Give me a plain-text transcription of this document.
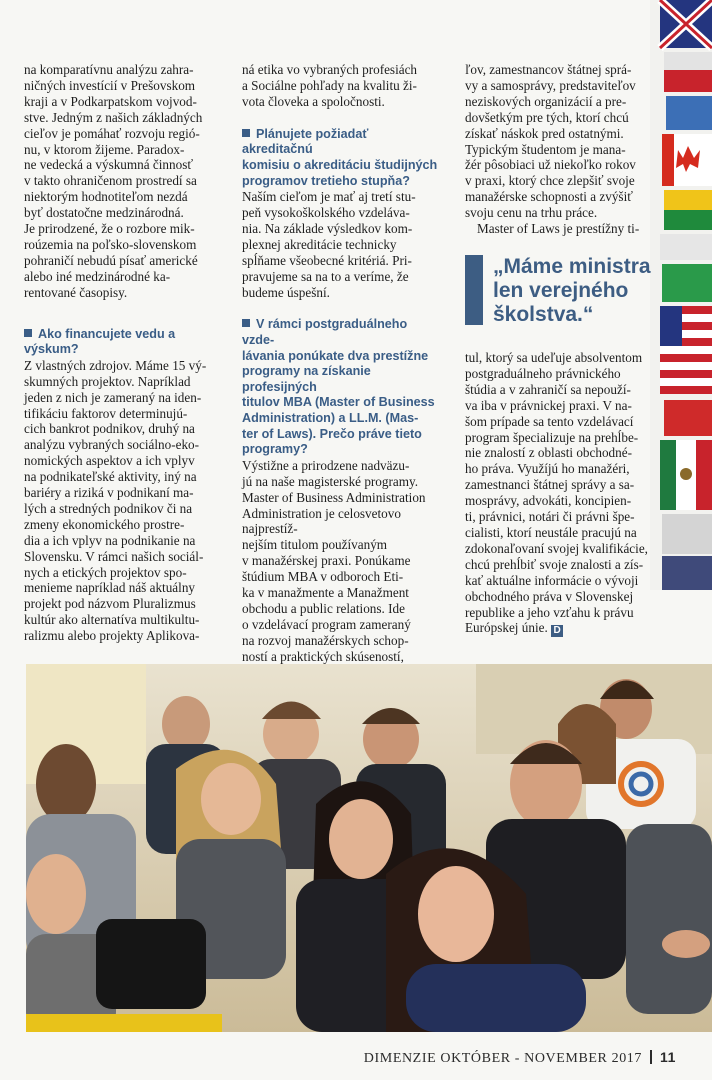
na komparatívnu analýzu zahra-

ničných investícií v Prešovskom

kraji a v Podkarpatskom vojvod-

stve. Jedným z našich základných

cieľov je pomáhať rozvoju regió-

nu, v ktorom žijeme. Paradox-

ne vedecká a výskumná činnosť

v takto ohraničenom prostredí sa

niektorým hodnotiteľom nezdá

byť dostatočne medzinárodná.

Je prirodzené, že o rozbore mik-

roúzemia na poľsko-slovenskom

pohraničí nebudú písať americké

alebo iné medzinárodné ka-

rentované časopisy.

Ako financujete vedu a výskum?

Z vlastných zdrojov. Máme 15 vý-

skumných projektov. Napríklad

jeden z nich je zameraný na iden-

tifikáciu faktorov determinujú-

cich bankrot podnikov, druhý na

analýzu vybraných sociálno-eko-

nomických aspektov a ich vplyv

na podnikateľské aktivity, iný na

bariéry a riziká v podnikaní ma-

lých a stredných podnikov či na

zmeny ekonomického prostre-

dia a ich vplyv na podnikanie na

Slovensku. V rámci našich sociál-

nych a etických projektov spo-

menieme napríklad náš aktuálny

projekt pod názvom Pluralizmus

kultúr ako alternatíva multikultu-

ralizmu alebo projekty Aplikova-

ná etika vo vybraných profesiách

a Sociálne pohľady na kvalitu ži-

vota človeka a spoločnosti.

Plánujete požiadať akreditačnú

komisiu o akreditáciu študijných

programov tretieho stupňa?

Naším cieľom je mať aj tretí stu-

peň vysokoškolského vzdeláva-

nia. Na základe výsledkov kom-

plexnej akreditácie technicky

spĺňame všeobecné kritériá. Pri-

pravujeme sa na to a veríme, že

budeme úspešní.

V rámci postgraduálneho vzde-

lávania ponúkate dva prestížne

programy na získanie profesijných

titulov MBA (Master of Business

Administration) a LL.M. (Mas-

ter of Laws). Prečo práve tieto

programy?

Výstižne a prirodzene nadväzu-

jú na naše magisterské programy.

Master of Business Administration

Administration je celosvetovo najprestíž-

nejším titulom používaným

v manažérskej praxi. Ponúkame

štúdium MBA v odboroch Eti-

ka v manažmente a Manažment

obchodu a public relations. Ide

o vzdelávací program zameraný

na rozvoj manažérskych schop-

ností a praktických skúseností,

ľov, zamestnancov štátnej sprá-

vy a samosprávy, predstaviteľov

neziskových organizácií a pre-

dovšetkým pre tých, ktorí chcú

získať náskok pred ostatnými.

Typickým študentom je mana-

žér pôsobiaci už niekoľko rokov

v praxi, ktorý chce zlepšiť svoje

manažérske schopnosti a zvýšiť

svoju cenu na trhu práce.

Master of Laws je prestížny ti-

„Máme ministra len verejného školstva.“

tul, ktorý sa udeľuje absolventom

postgraduálneho právnického

štúdia a v zahraničí sa nepouží-

va iba v právnickej praxi. V na-

šom prípade sa tento vzdelávací

program špecializuje na prehĺbe-

nie znalostí z oblasti obchodné-

ho práva. Využíjú ho manažéri,

zamestnanci štátnej správy a sa-

mosprávy, advokáti, koncipien-

ti, právnici, notári či právni špe-

cialisti, ktorí neustále pracujú na

zdokonaľovaní svojej kvalifikácie,

chcú prehĺbiť svoje znalosti a zís-

kať aktuálne informácie o vývoji

obchodného práva v Slovenskej

republike a jeho vzťahu k právu

Európskej únie. D

DIMENZIE OKTÓBER - NOVEMBER 2017 11
